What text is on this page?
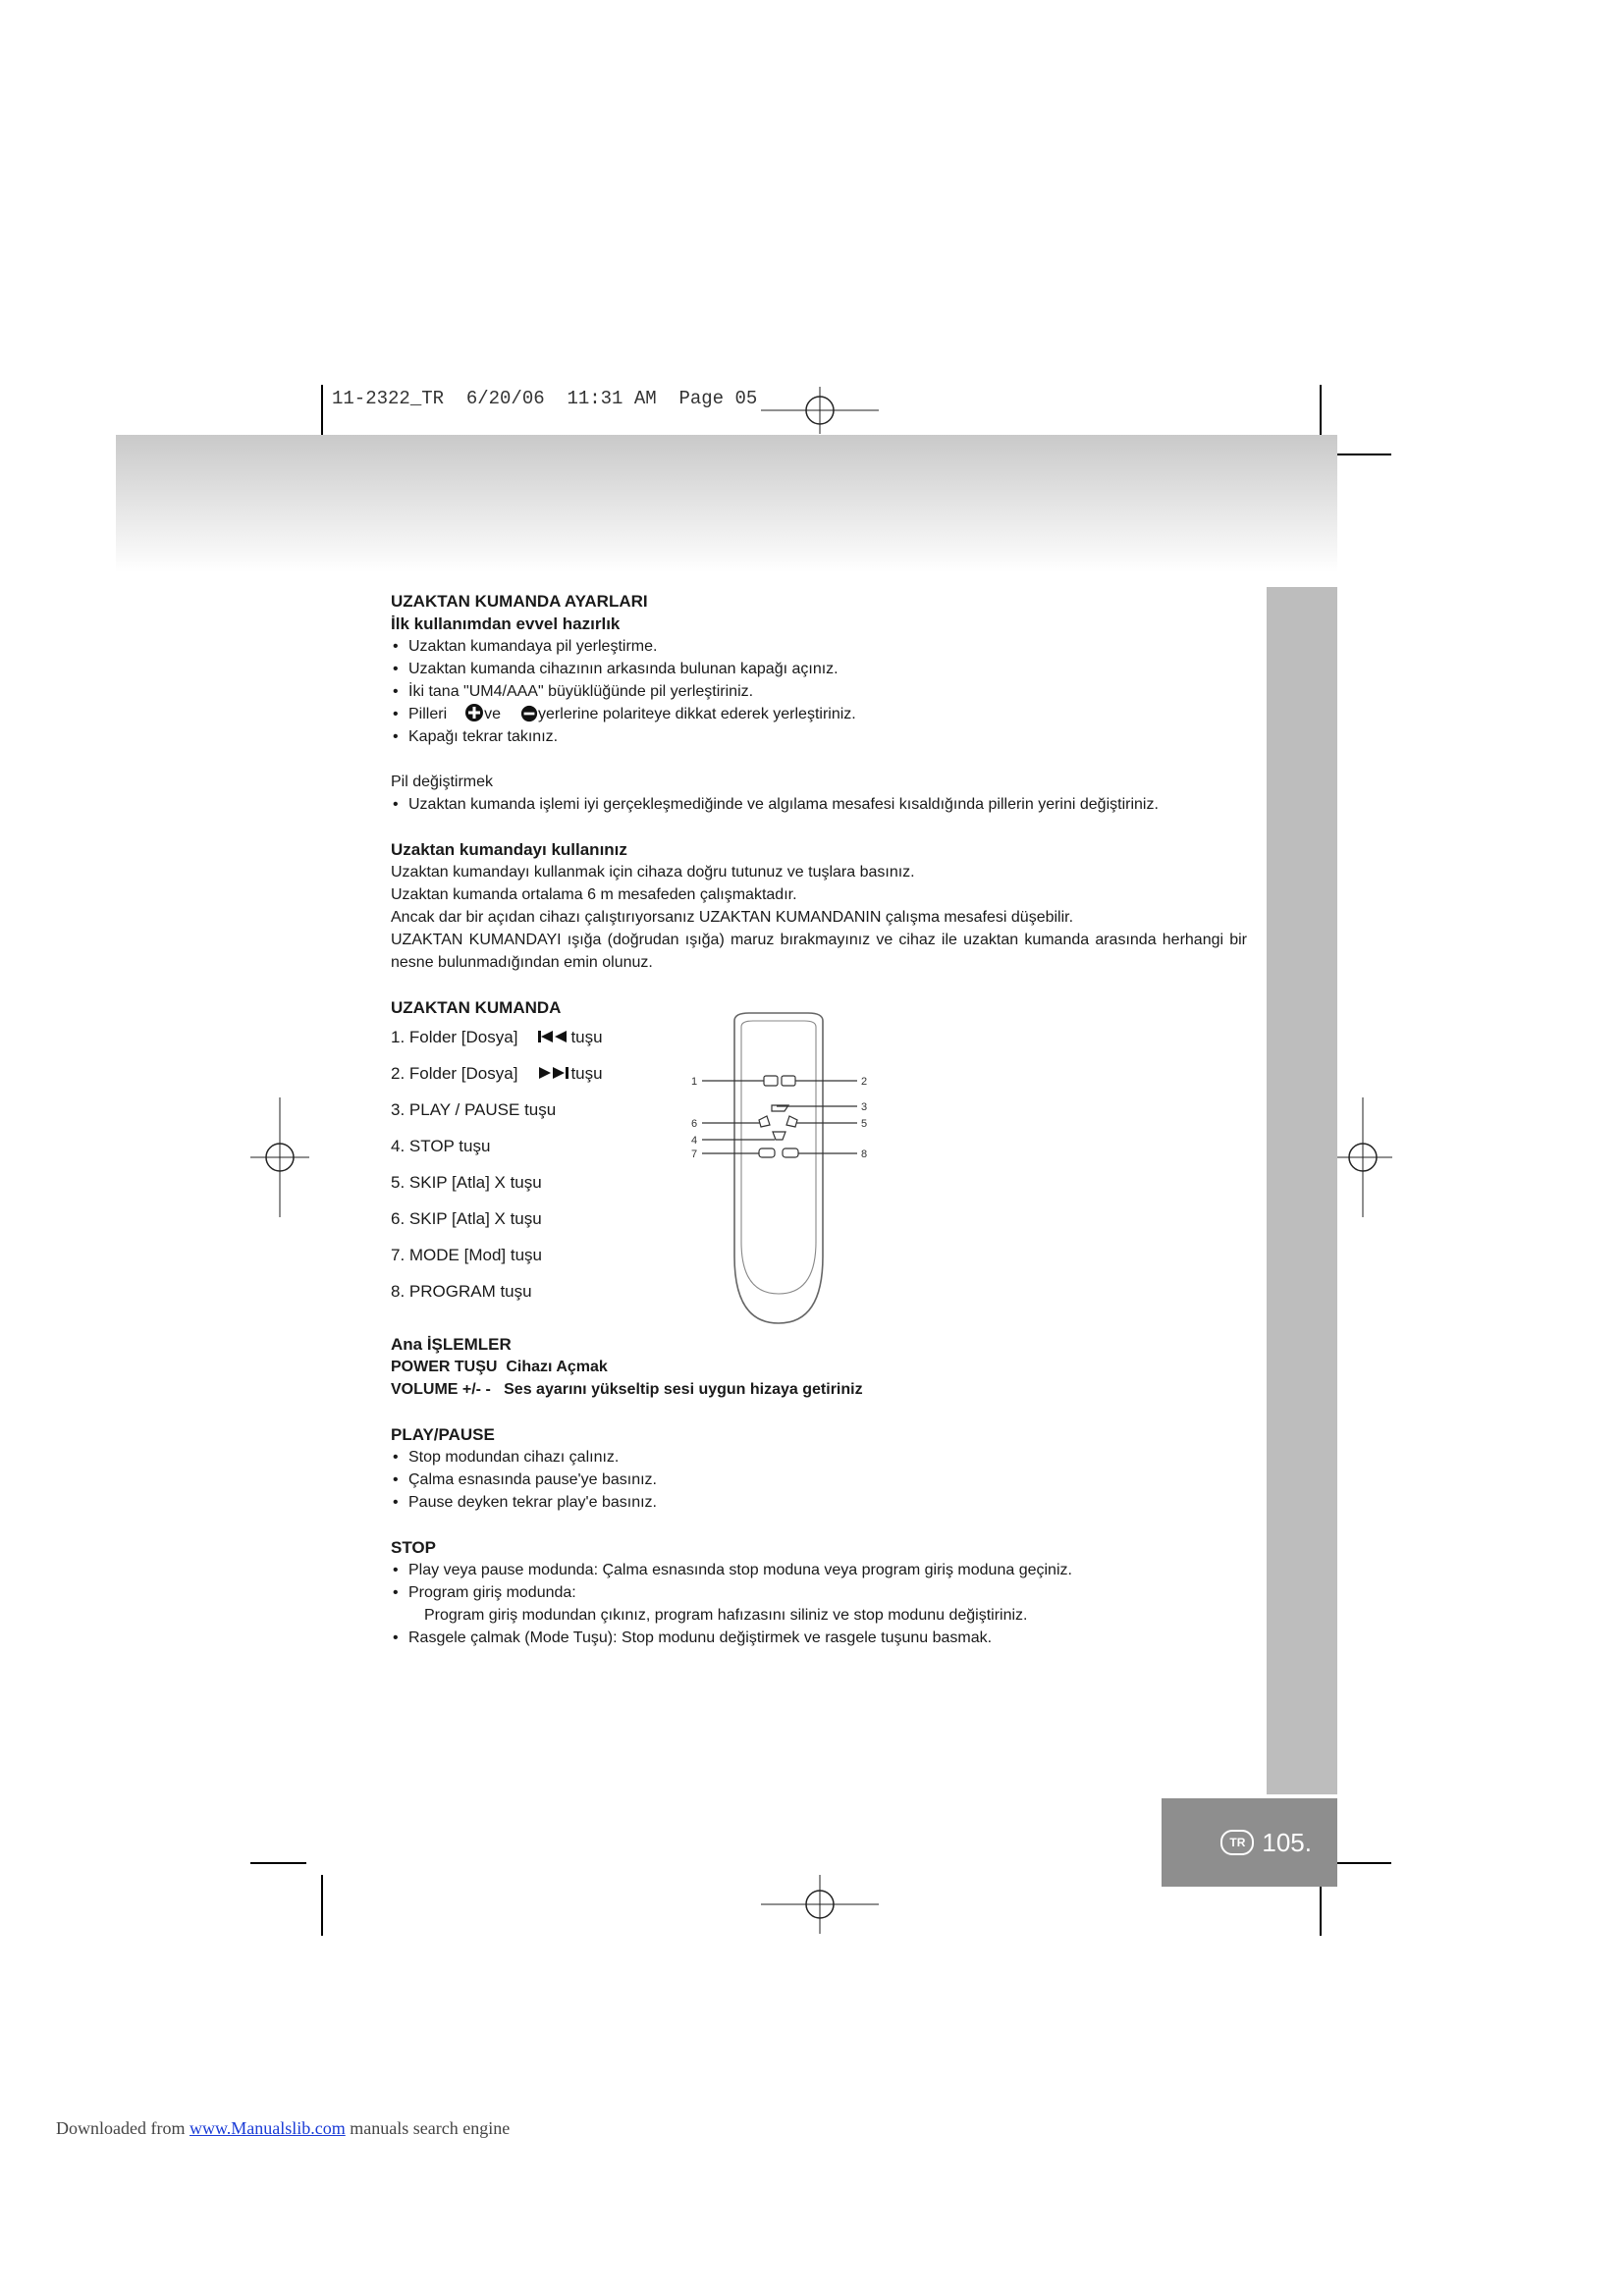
11-2322_TR  6/20/06  11:31 AM  Page 05
TR 105.

UZAKTAN KUMANDA AYARLARI

İlk kullanımdan evvel hazırlık

• Uzaktan kumandaya pil yerleştirme.
• Uzaktan kumanda cihazının arkasında bulunan kapağı açınız.
• İki tana "UM4/AAA" büyüklüğünde pil yerleştiriniz.
• Pilleri ve yerlerine polariteye dikkat ederek yerleştiriniz.
• Kapağı tekrar takınız.

Pil değiştirmek

• Uzaktan kumanda işlemi iyi gerçekleşmediğinde ve algılama mesafesi kısaldığında pillerin yerini değiştiriniz.

Uzaktan kumandayı kullanınız

Uzaktan kumandayı kullanmak için cihaza doğru tutunuz ve tuşlara basınız.

Uzaktan kumanda ortalama 6 m mesafeden çalışmaktadır.

Ancak dar bir açıdan cihazı çalıştırıyorsanız UZAKTAN KUMANDANIN çalışma mesafesi düşebilir.

UZAKTAN KUMANDAYI ışığa (doğrudan ışığa) maruz bırakmayınız ve cihaz ile uzaktan kumanda arasında herhangi bir nesne bulunmadığından emin olunuz.

UZAKTAN KUMANDA

1. Folder [Dosya]	tuşu
2. Folder [Dosya]	tuşu
3. PLAY / PAUSE tuşu
4. STOP tuşu
5. SKIP [Atla] X tuşu
6. SKIP [Atla] X tuşu
7. MODE [Mod] tuşu
8. PROGRAM tuşu
1	2
3
6	5
4
7	8

Ana İŞLEMLER

POWER TUŞU Cihazı Açmak

VOLUME +/- - Ses ayarını yükseltip sesi uygun hizaya getiriniz

PLAY/PAUSE

• Stop modundan cihazı çalınız.
• Çalma esnasında pause'ye basınız.
• Pause deyken tekrar play'e basınız.

STOP

• Play veya pause modunda: Çalma esnasında stop moduna veya program giriş moduna geçiniz.
• Program giriş modunda:

Program giriş modundan çıkınız, program hafızasını siliniz ve stop modunu değiştiriniz.

• Rasgele çalmak (Mode Tuşu): Stop modunu değiştirmek ve rasgele tuşunu basmak.
Downloaded from www.Manualslib.com manuals search engine
